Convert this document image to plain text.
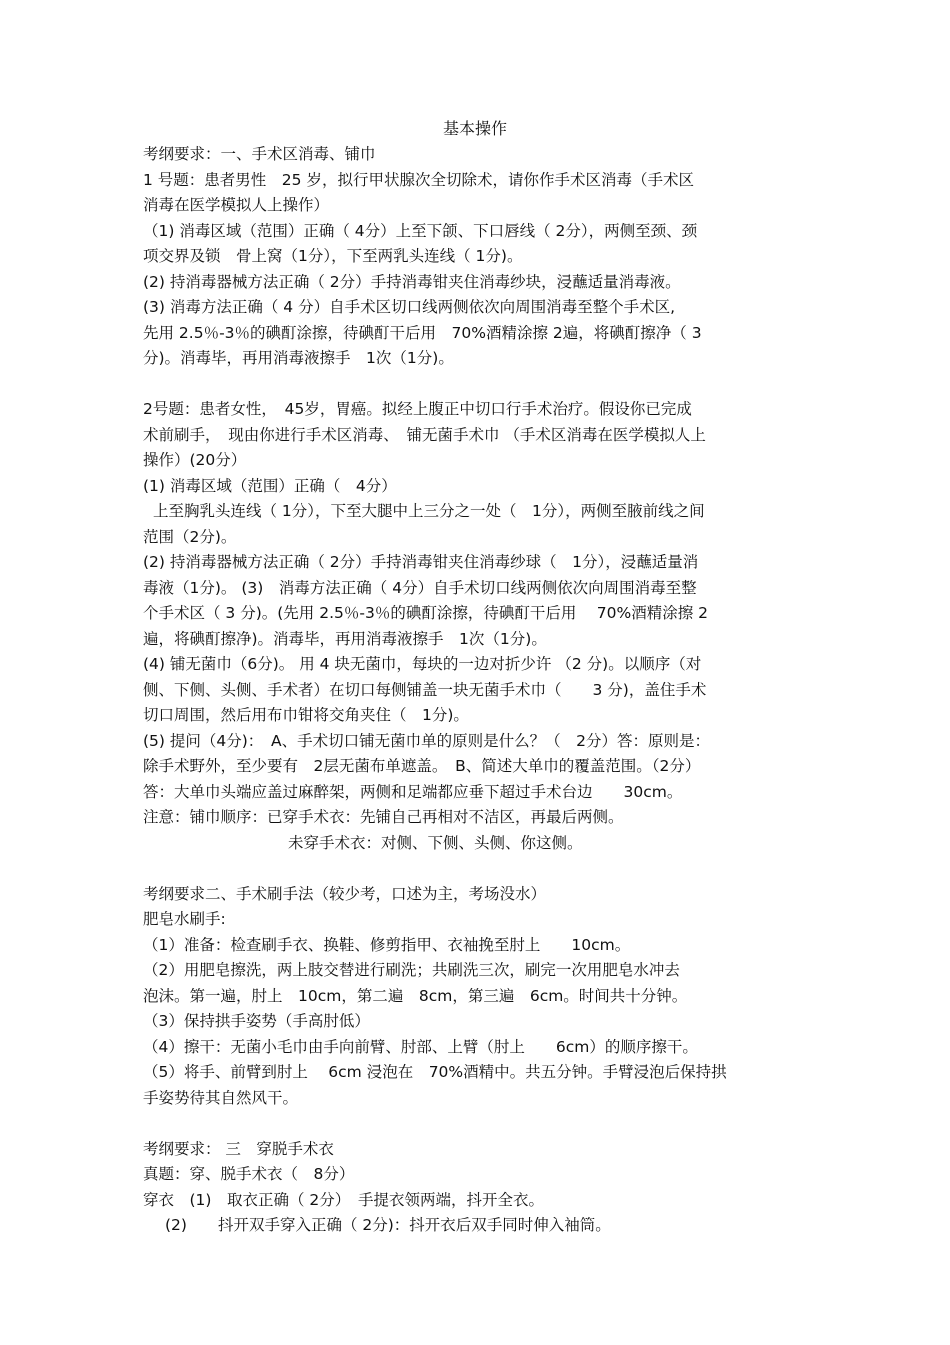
基本操作
考纲要求：一、手术区消毒、铺巾
1 号题：患者男性　25 岁，拟行甲状腺次全切除术，请你作手术区消毒（手术区
消毒在医学模拟人上操作）
（1) 消毒区域（范围）正确（ 4分）上至下颌、下口唇线（ 2分），两侧至颈、颈
项交界及锁　骨上窝（1分），下至两乳头连线（ 1分)。
(2) 持消毒器械方法正确（ 2分）手持消毒钳夹住消毒纱块，浸蘸适量消毒液。
(3) 消毒方法正确（ 4 分）自手术区切口线两侧依次向周围消毒至整个手术区,
先用 2.5％-3％的碘酊涂擦，待碘酊干后用　70%酒精涂擦 2遍，将碘酊擦净（ 3
分)。消毒毕，再用消毒液擦手　1次（1分)。
2号题：患者女性，　45岁，胃癌。拟经上腹正中切口行手术治疗。假设你已完成
术前刷手，　现由你进行手术区消毒、　铺无菌手术巾 （手术区消毒在医学模拟人上
操作）(20分）
(1) 消毒区域（范围）正确（　4分）
上至胸乳头连线（ 1分），下至大腿中上三分之一处（　1分），两侧至腋前线之间
范围（2分)。
(2) 持消毒器械方法正确（ 2分）手持消毒钳夹住消毒纱球（　1分），浸蘸适量消
毒液（1分)。 (3)　消毒方法正确（ 4分）自手术切口线两侧依次向周围消毒至整
个手术区（ 3 分)。(先用 2.5％-3％的碘酊涂擦，待碘酊干后用　 70%酒精涂擦 2
遍，将碘酊擦净)。消毒毕，再用消毒液擦手　1次（1分)。
(4) 铺无菌巾（6分)。 用 4 块无菌巾，每块的一边对折少许 （2 分)。以顺序（对
侧、下侧、头侧、手术者）在切口每侧铺盖一块无菌手术巾（　　3 分)，盖住手术
切口周围，然后用布巾钳将交角夹住（　1分)。
(5) 提问（4分)：　A、手术切口铺无菌巾单的原则是什么？（　2分）答：原则是：
除手术野外，至少要有　2层无菌布单遮盖。　B、简述大单巾的覆盖范围。（2分）
答：大单巾头端应盖过麻醉架，两侧和足端都应垂下超过手术台边　　30cm。
注意：铺巾顺序：已穿手术衣：先铺自己再相对不洁区，再最后两侧。
未穿手术衣：对侧、下侧、头侧、你这侧。
考纲要求二、手术刷手法（较少考，口述为主，考场没水）
肥皂水刷手:
（1）准备：检查刷手衣、换鞋、修剪指甲、衣袖挽至肘上　　10cm。
（2）用肥皂擦洗，两上肢交替进行刷洗；共刷洗三次，刷完一次用肥皂水冲去
泡沫。第一遍，肘上　10cm，第二遍　8cm，第三遍　6cm。时间共十分钟。
（3）保持拱手姿势（手高肘低）
（4）擦干：无菌小毛巾由手向前臂、肘部、上臂（肘上　　6cm）的顺序擦干。
（5）将手、前臂到肘上　 6cm 浸泡在　70%酒精中。共五分钟。手臂浸泡后保持拱
手姿势待其自然风干。
考纲要求： 三　穿脱手术衣
真题：穿、脱手术衣（　8分）
穿衣　(1)　取衣正确（ 2分）　手提衣领两端，抖开全衣。
(2)　　抖开双手穿入正确（ 2分)：抖开衣后双手同时伸入袖筒。
